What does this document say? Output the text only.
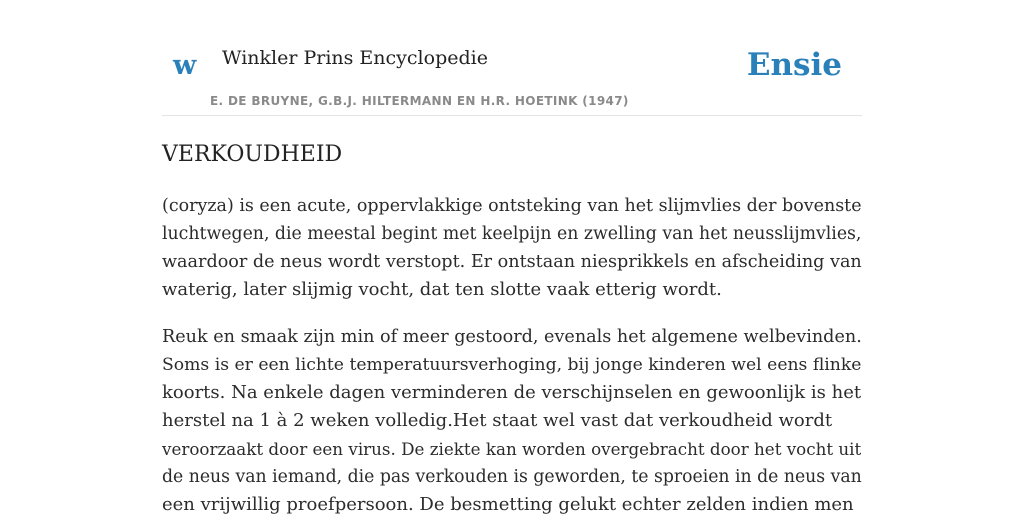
w Winkler Prins Encyclopedie
E. DE BRUYNE, G.B.J. HILTERMANN EN H.R. HOETINK (1947)
Ensie
VERKOUDHEID

(coryza) is een acute, oppervlakkige ontsteking van het slijmvlies der bovenste
luchtwegen, die meestal begint met keelpijn en zwelling van het neusslijmvlies,
waardoor de neus wordt verstopt. Er ontstaan niesprikkels en afscheiding van
waterig, later slijmig vocht, dat ten slotte vaak etterig wordt.

Reuk en smaak zijn min of meer gestoord, evenals het algemene welbevinden.
Soms is er een lichte temperatuursverhoging, bij jonge kinderen wel eens flinke
koorts. Na enkele dagen verminderen de verschijnselen en gewoonlijk is het
herstel na 1 à 2 weken volledig.Het staat wel vast dat verkoudheid wordt
veroorzaakt door een virus. De ziekte kan worden overgebracht door het vocht uit
de neus van iemand, die pas verkouden is geworden, te sproeien in de neus van
een vrijwillig proefpersoon. De besmetting gelukt echter zelden indien men
